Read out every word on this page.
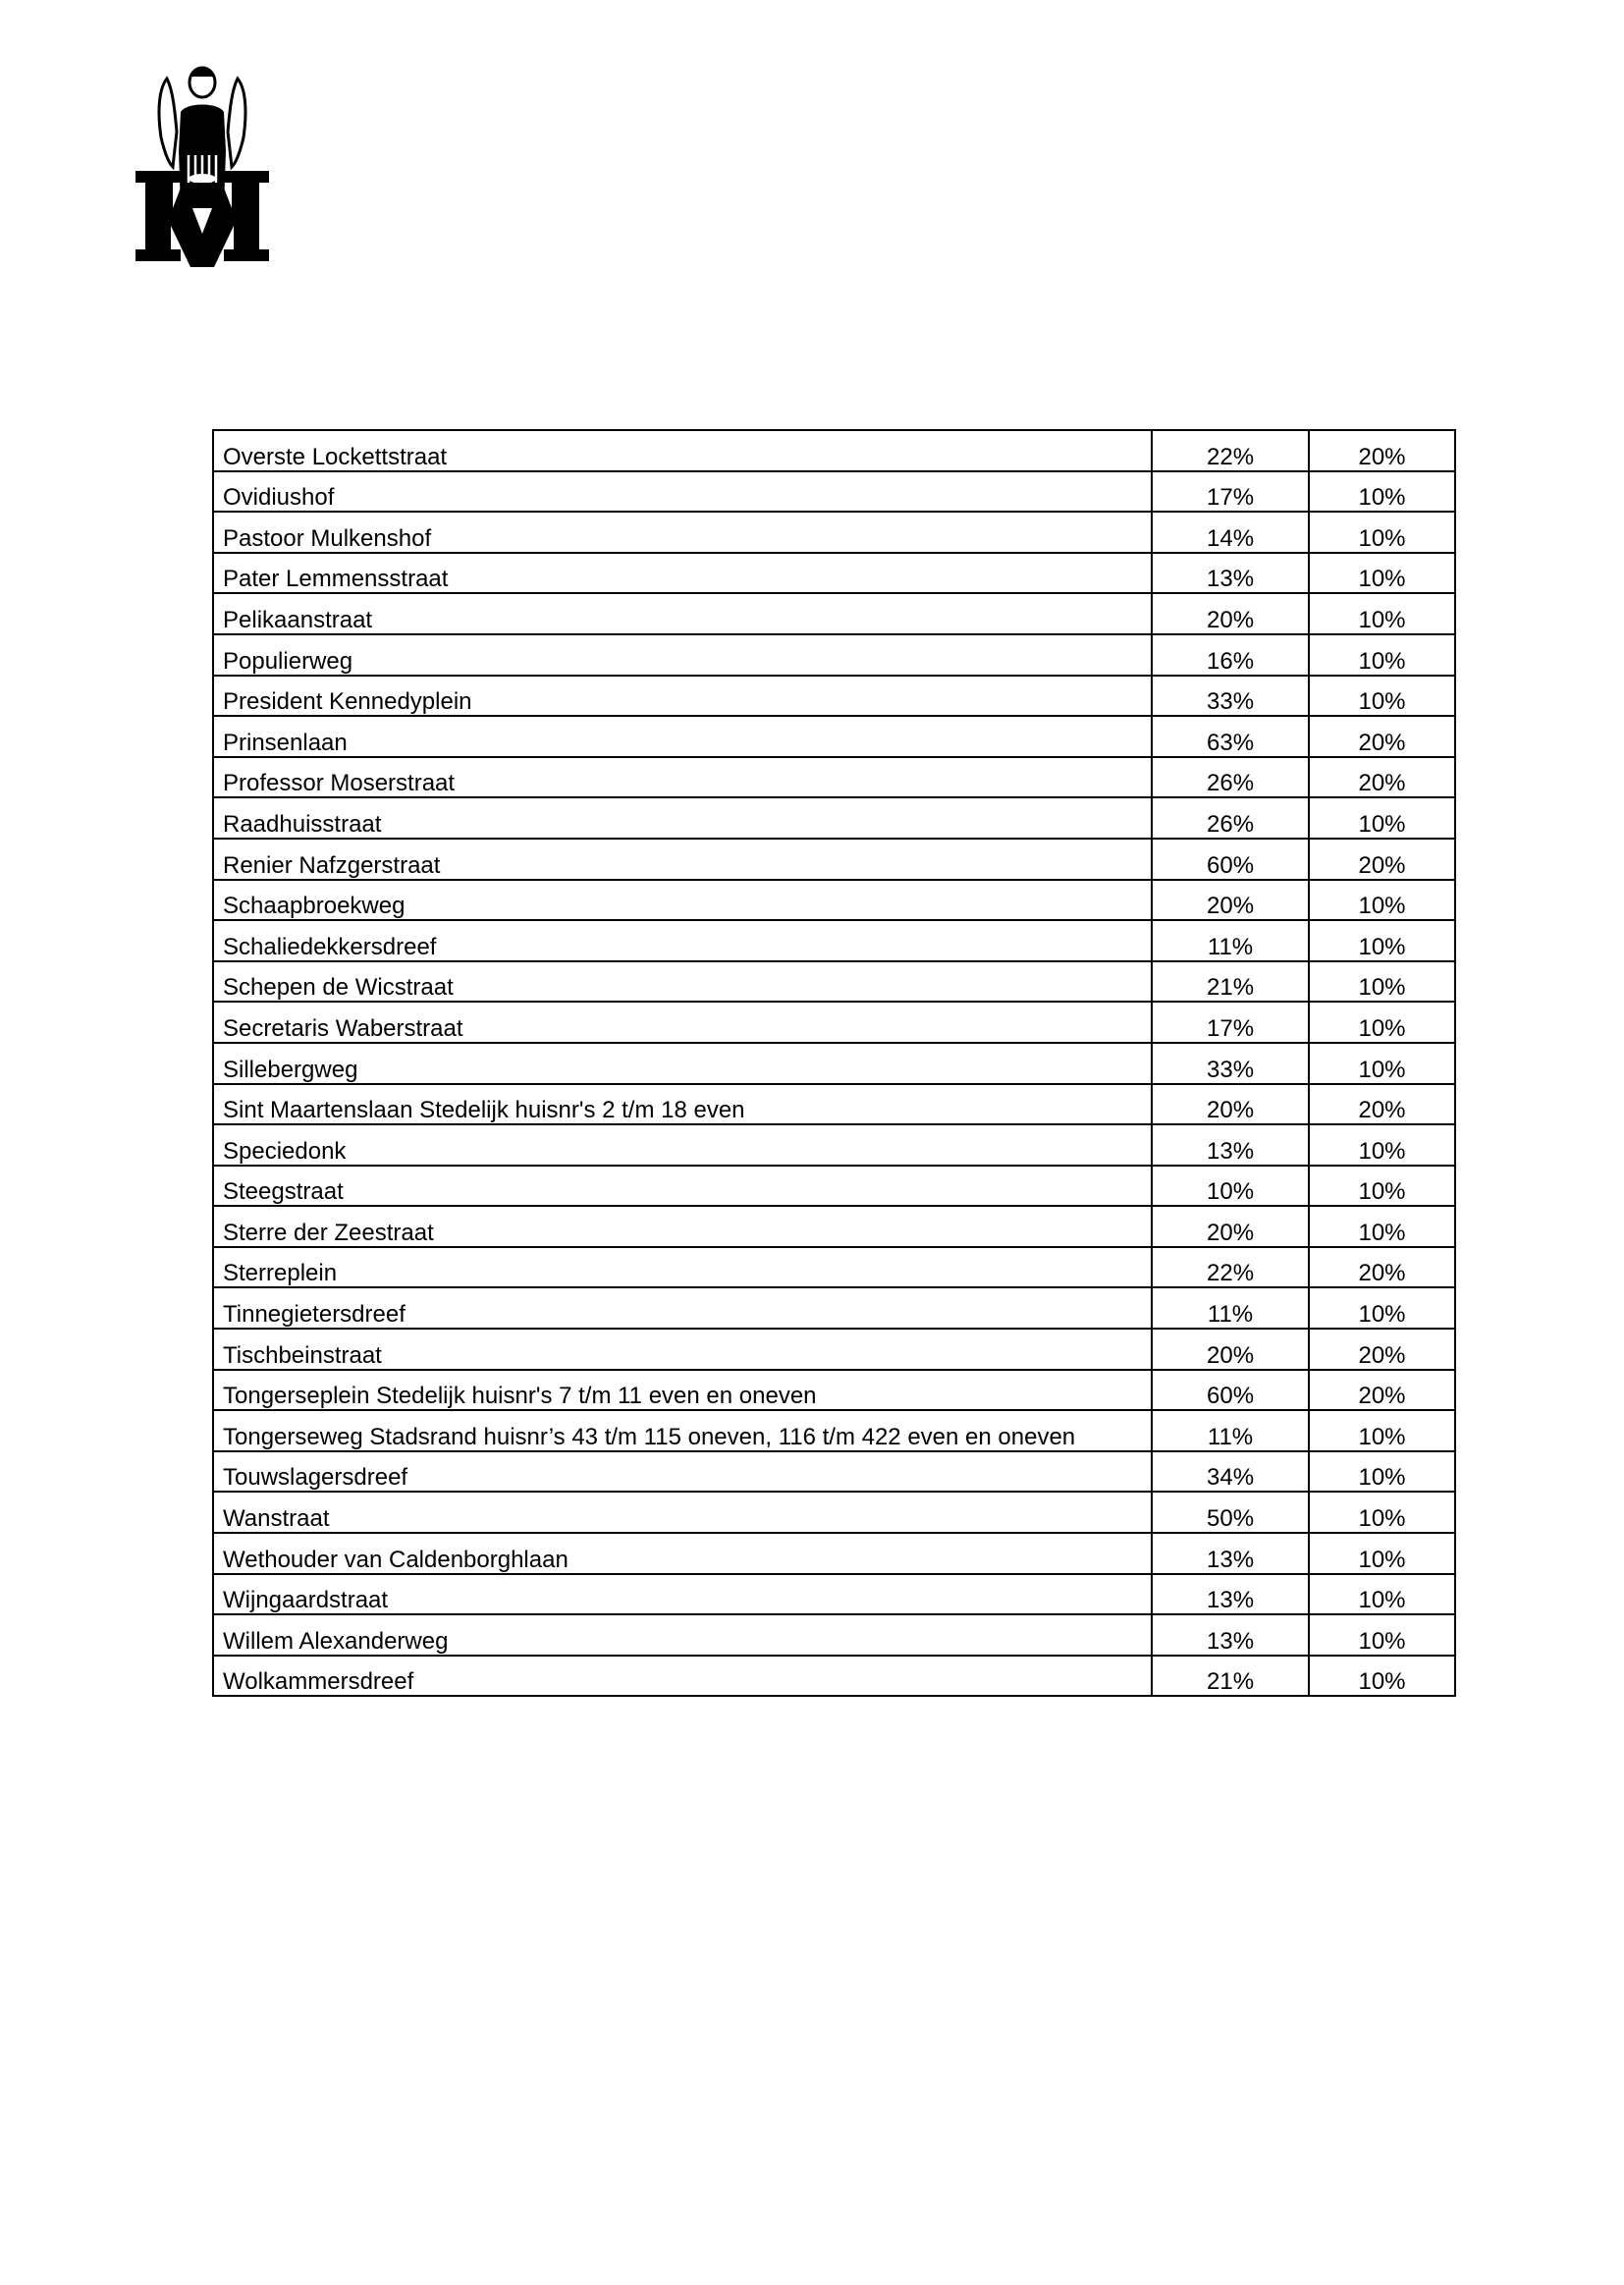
Overste Lockettstraat	22%	20%
Ovidiushof	17%	10%
Pastoor Mulkenshof	14%	10%
Pater Lemmensstraat	13%	10%
Pelikaanstraat	20%	10%
Populierweg	16%	10%
President Kennedyplein	33%	10%
Prinsenlaan	63%	20%
Professor Moserstraat	26%	20%
Raadhuisstraat	26%	10%
Renier Nafzgerstraat	60%	20%
Schaapbroekweg	20%	10%
Schaliedekkersdreef	11%	10%
Schepen de Wicstraat	21%	10%
Secretaris Waberstraat	17%	10%
Sillebergweg	33%	10%
Sint Maartenslaan Stedelijk huisnr's 2 t/m 18 even	20%	20%
Speciedonk	13%	10%
Steegstraat	10%	10%
Sterre der Zeestraat	20%	10%
Sterreplein	22%	20%
Tinnegietersdreef	11%	10%
Tischbeinstraat	20%	20%
Tongerseplein Stedelijk huisnr's 7 t/m 11 even en oneven	60%	20%
Tongerseweg Stadsrand huisnr’s 43 t/m 115 oneven, 116 t/m 422 even en oneven	11%	10%
Touwslagersdreef	34%	10%
Wanstraat	50%	10%
Wethouder van Caldenborghlaan	13%	10%
Wijngaardstraat	13%	10%
Willem Alexanderweg	13%	10%
Wolkammersdreef	21%	10%
